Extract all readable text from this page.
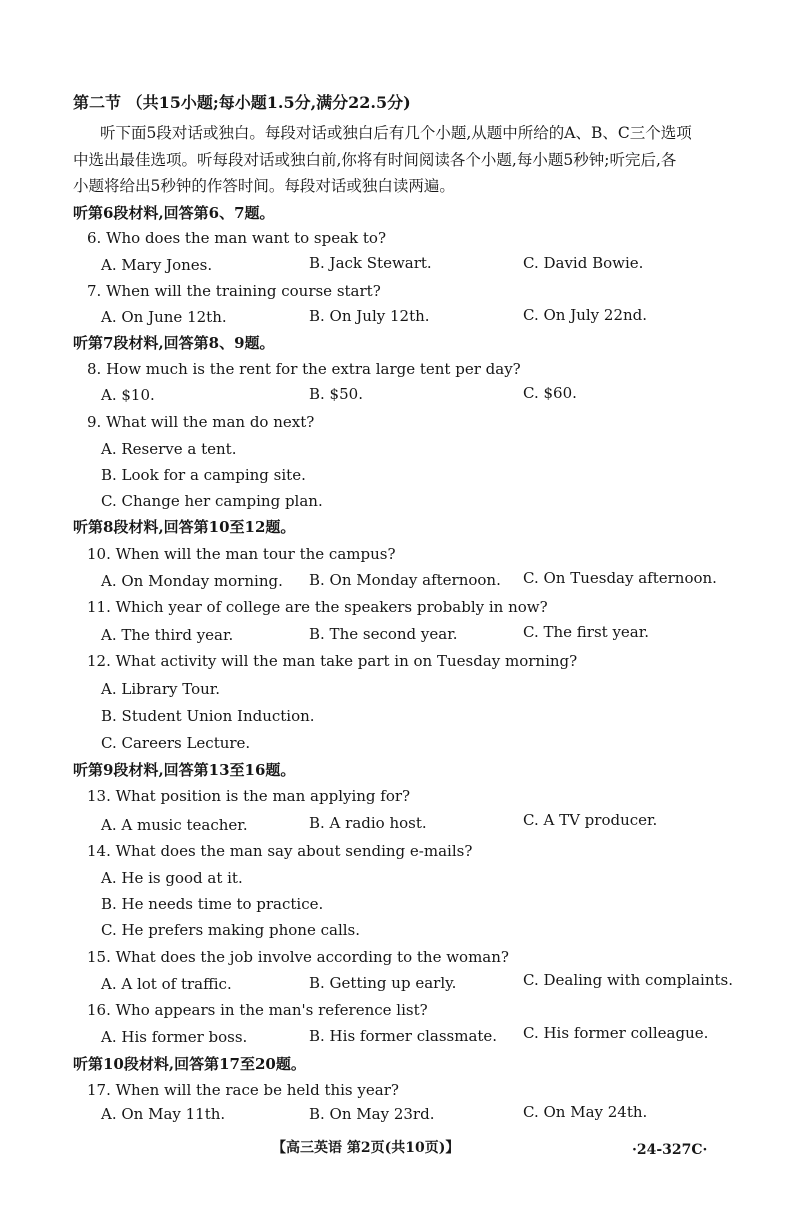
第二节 （共15小题;每小题1.5分,满分22.5分)
听下面5段对话或独白。每段对话或独白后有几个小题,从题中所给的A、B、C三个选项
中选出最佳选项。听每段对话或独白前,你将有时间阅读各个小题,每小题5秒钟;听完后,各
小题将给出5秒钟的作答时间。每段对话或独白读两遍。
听第6段材料,回答第6、7题。
6. Who does the man want to speak to?
A. Mary Jones.	B. Jack Stewart.	C. David Bowie.
7. When will the training course start?
A. On June 12th.	B. On July 12th.	C. On July 22nd.
听第7段材料,回答第8、9题。
8. How much is the rent for the extra large tent per day?
A. $10.	B. $50.	C. $60.
9. What will the man do next?
A. Reserve a tent.
B. Look for a camping site.
C. Change her camping plan.
听第8段材料,回答第10至12题。
10. When will the man tour the campus?
A. On Monday morning. B. On Monday afternoon. C. On Tuesday afternoon.
11. Which year of college are the speakers probably in now?
A. The third year.	B. The second year.	C. The first year.
12. What activity will the man take part in on Tuesday morning?
A. Library Tour.
B. Student Union Induction.
C. Careers Lecture.
听第9段材料,回答第13至16题。
13. What position is the man applying for?
A. A music teacher.	B. A radio host.	C. A TV producer.
14. What does the man say about sending e-mails?
A. He is good at it.
B. He needs time to practice.
C. He prefers making phone calls.
15. What does the job involve according to the woman?
A. A lot of traffic.	B. Getting up early.	C. Dealing with complaints.
16. Who appears in the man's reference list?
A. His former boss.	B. His former classmate. C. His former colleague.
听第10段材料,回答第17至20题。
17. When will the race be held this year?
A. On May 11th.	B. On May 23rd.	C. On May 24th.
【高三英语 第2页(共10页)】	·24-327C·
